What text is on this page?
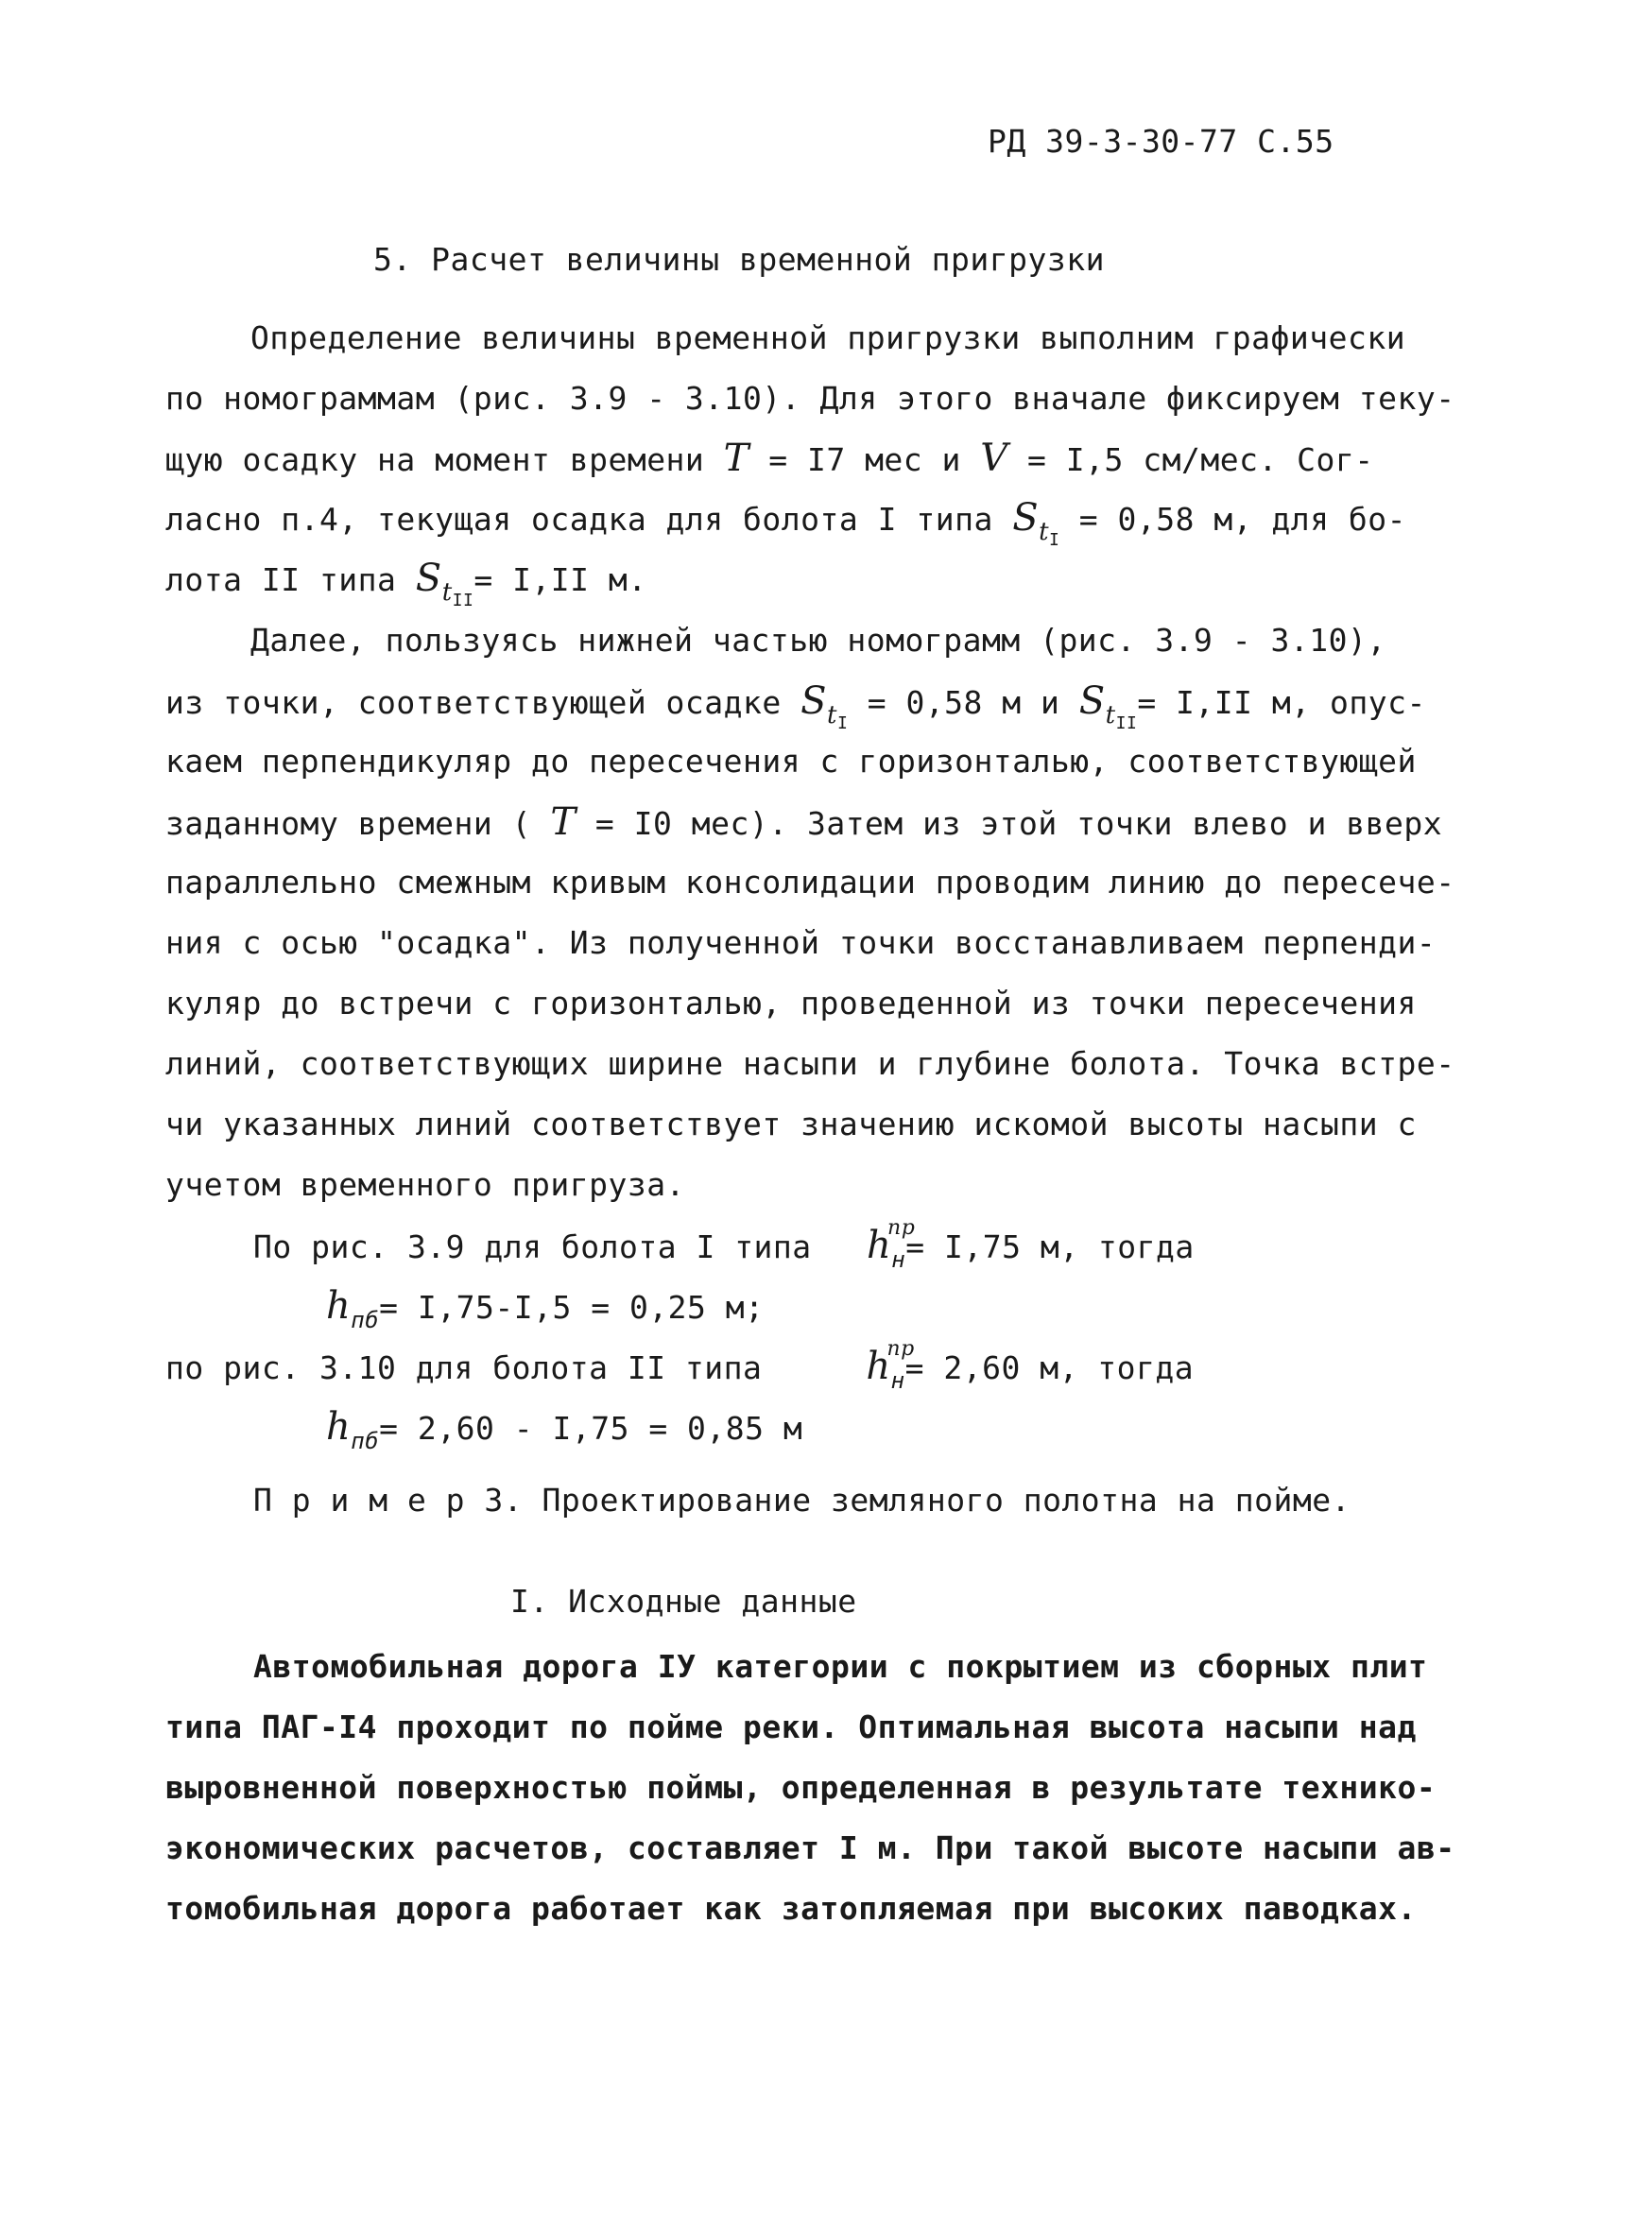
РД 39-3-30-77 С.55
5. Расчет величины временной пригрузки
Определение величины временной пригрузки выполним графически
по номограммам (рис. 3.9 - 3.10). Для этого вначале фиксируем теку-
щую осадку на момент времени T = I7 мес и V = I,5 см/мес. Сог-
ласно п.4, текущая осадка для болота I типа $S_{t_I} = 0,58$ м, для бо-
лота II типа $S_{t_{II}}= I,II$ м.
Далее, пользуясь нижней частью номограмм (рис. 3.9 - 3.10),
из точки, соответствующей осадке $S_{t_I} = 0,58$ м и $S_{t_{II}}= I,II$ м, опус-
каем перпендикуляр до пересечения с горизонталью, соответствующей
заданному времени ( T = I0 мес). Затем из этой точки влево и вверх
параллельно смежным кривым консолидации проводим линию до пересече-
ния с осью "осадка". Из полученной точки восстанавливаем перпенди-
куляр до встречи с горизонталью, проведенной из точки пересечения
линий, соответствующих ширине насыпи и глубине болота. Точка встре-
чи указанных линий соответствует значению искомой высоты насыпи с
учетом временного пригруза.
По рис. 3.9 для болота I типа h
пр
$_н$= I,75 м, тогда
$h_{пб}= I,75-I,5 = 0,25$ м;
по рис. 3.10 для болота II типа	h
пр
$_н$= 2,60 м, тогда
$h_{пб}= 2,60 - I,75 = 0,85$ м
П р и м е р 3. Проектирование земляного полотна на пойме.
I. Исходные данные
Автомобильная дорога IУ категории с покрытием из сборных плит
типа ПАГ-I4 проходит по пойме реки. Оптимальная высота насыпи над
выровненной поверхностью поймы, определенная в результате технико-
экономических расчетов, составляет I м. При такой высоте насыпи ав-
томобильная дорога работает как затопляемая при высоких паводках.
